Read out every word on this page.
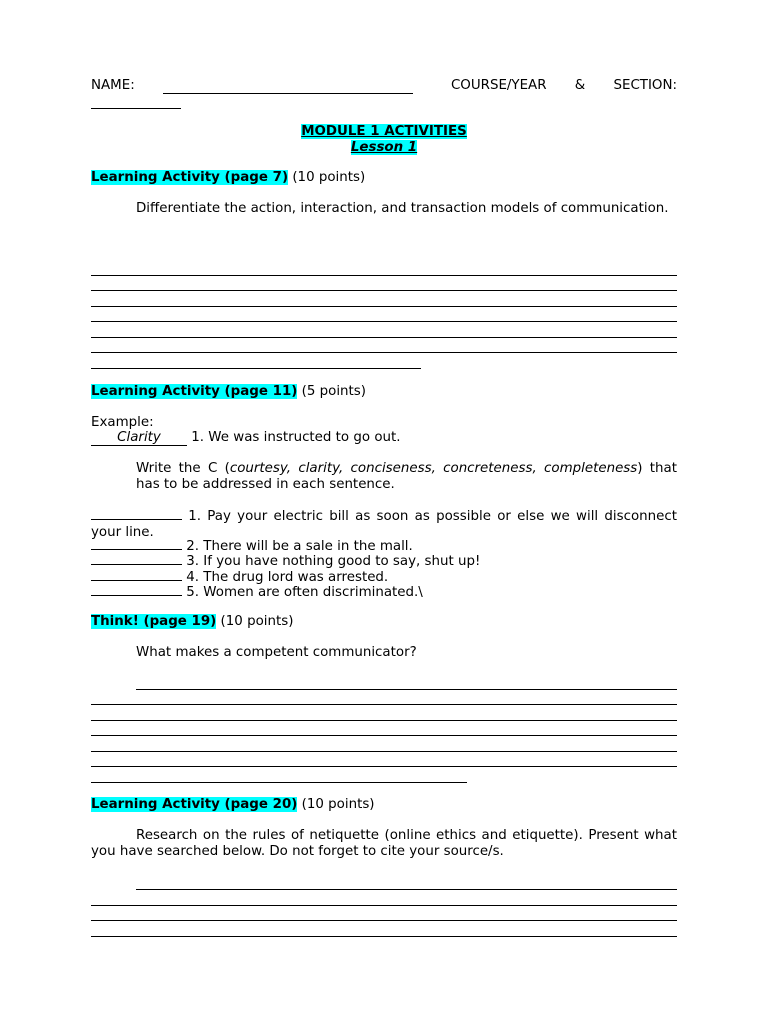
NAME:	COURSE/YEAR & SECTION:
MODULE 1 ACTIVITIES
Lesson 1
Learning Activity (page 7) (10 points)
Differentiate the action, interaction, and transaction models of communication.
Learning Activity (page 11) (5 points)
Example:
Clarity 1. We was instructed to go out.
Write the C (courtesy, clarity, conciseness, concreteness, completeness) that has to be addressed in each sentence.
1. Pay your electric bill as soon as possible or else we will disconnect your line.
2. There will be a sale in the mall.
3. If you have nothing good to say, shut up!
4. The drug lord was arrested.
5. Women are often discriminated.\
Think! (page 19) (10 points)
What makes a competent communicator?
Learning Activity (page 20) (10 points)
Research on the rules of netiquette (online ethics and etiquette). Present what you have searched below. Do not forget to cite your source/s.
